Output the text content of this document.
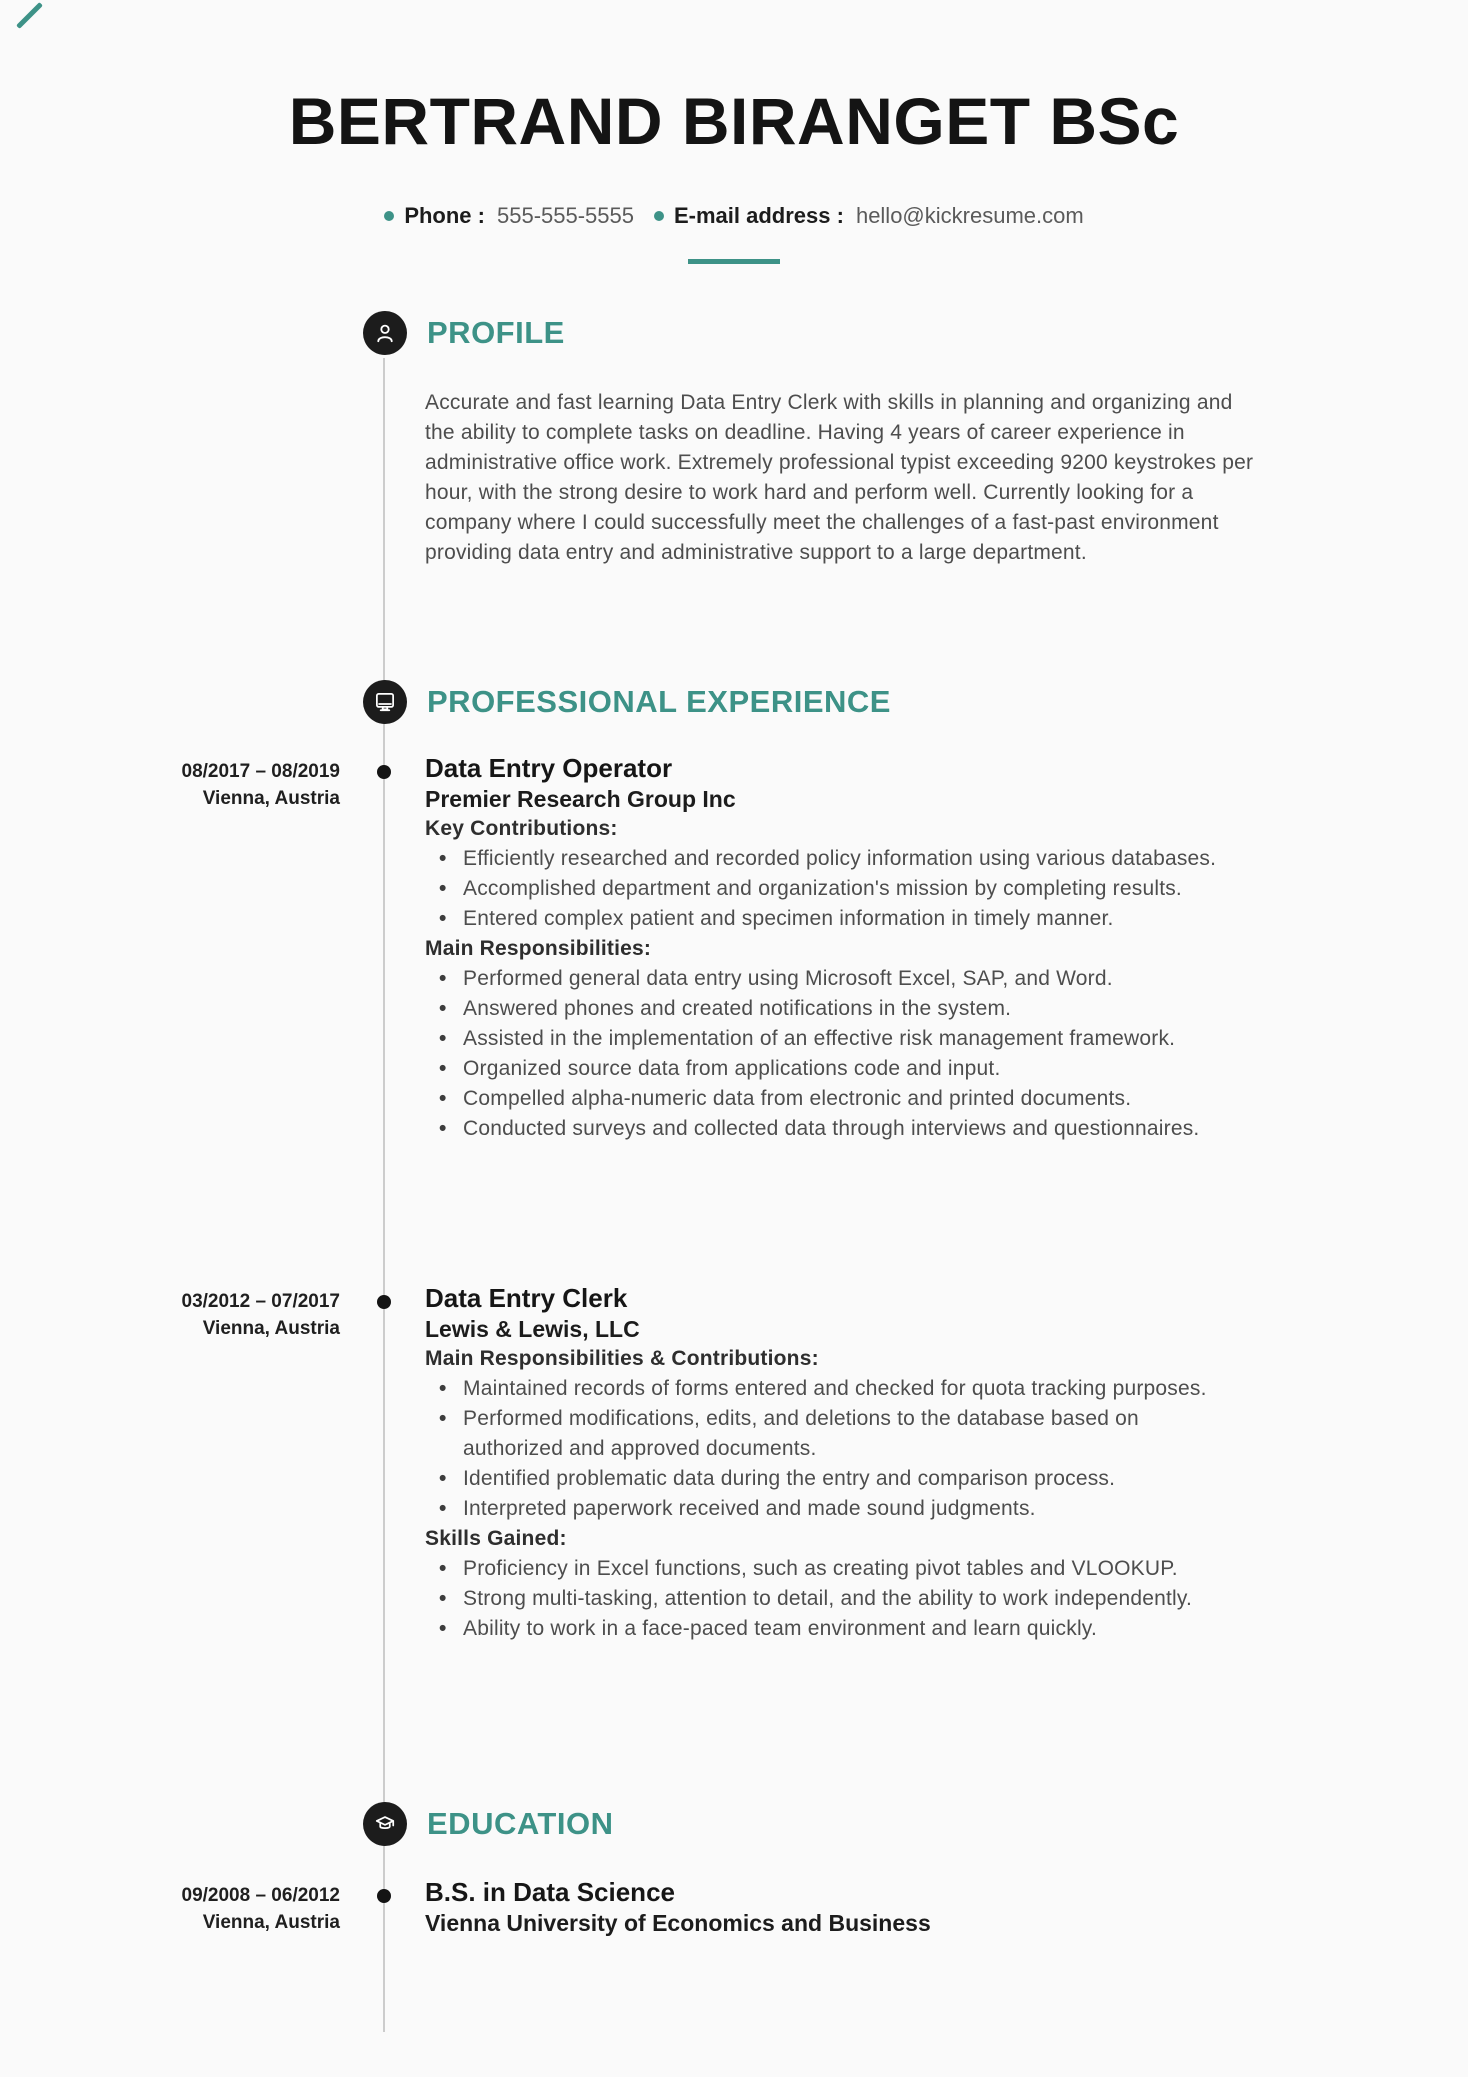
BERTRAND BIRANGET BSc
Phone : 555-555-5555 E-mail address : hello@kickresume.com
PROFILE

Accurate and fast learning Data Entry Clerk with skills in planning and organizing and the ability to complete tasks on deadline. Having 4 years of career experience in administrative office work. Extremely professional typist exceeding 9200 keystrokes per hour, with the strong desire to work hard and perform well. Currently looking for a company where I could successfully meet the challenges of a fast-past environment providing data entry and administrative support to a large department.

PROFESSIONAL EXPERIENCE
08/2017 – 08/2019
Vienna, Austria
Data Entry Operator
Premier Research Group Inc
Key Contributions:
• Efficiently researched and recorded policy information using various databases.
• Accomplished department and organization's mission by completing results.
• Entered complex patient and specimen information in timely manner.
Main Responsibilities:
• Performed general data entry using Microsoft Excel, SAP, and Word.
• Answered phones and created notifications in the system.
• Assisted in the implementation of an effective risk management framework.
• Organized source data from applications code and input.
• Compelled alpha-numeric data from electronic and printed documents.
• Conducted surveys and collected data through interviews and questionnaires.
03/2012 – 07/2017
Vienna, Austria
Data Entry Clerk
Lewis & Lewis, LLC
Main Responsibilities & Contributions:
• Maintained records of forms entered and checked for quota tracking purposes.
• Performed modifications, edits, and deletions to the database based on authorized and approved documents.
• Identified problematic data during the entry and comparison process.
• Interpreted paperwork received and made sound judgments.
Skills Gained:
• Proficiency in Excel functions, such as creating pivot tables and VLOOKUP.
• Strong multi-tasking, attention to detail, and the ability to work independently.
• Ability to work in a face-paced team environment and learn quickly.
EDUCATION
09/2008 – 06/2012
Vienna, Austria
B.S. in Data Science
Vienna University of Economics and Business
